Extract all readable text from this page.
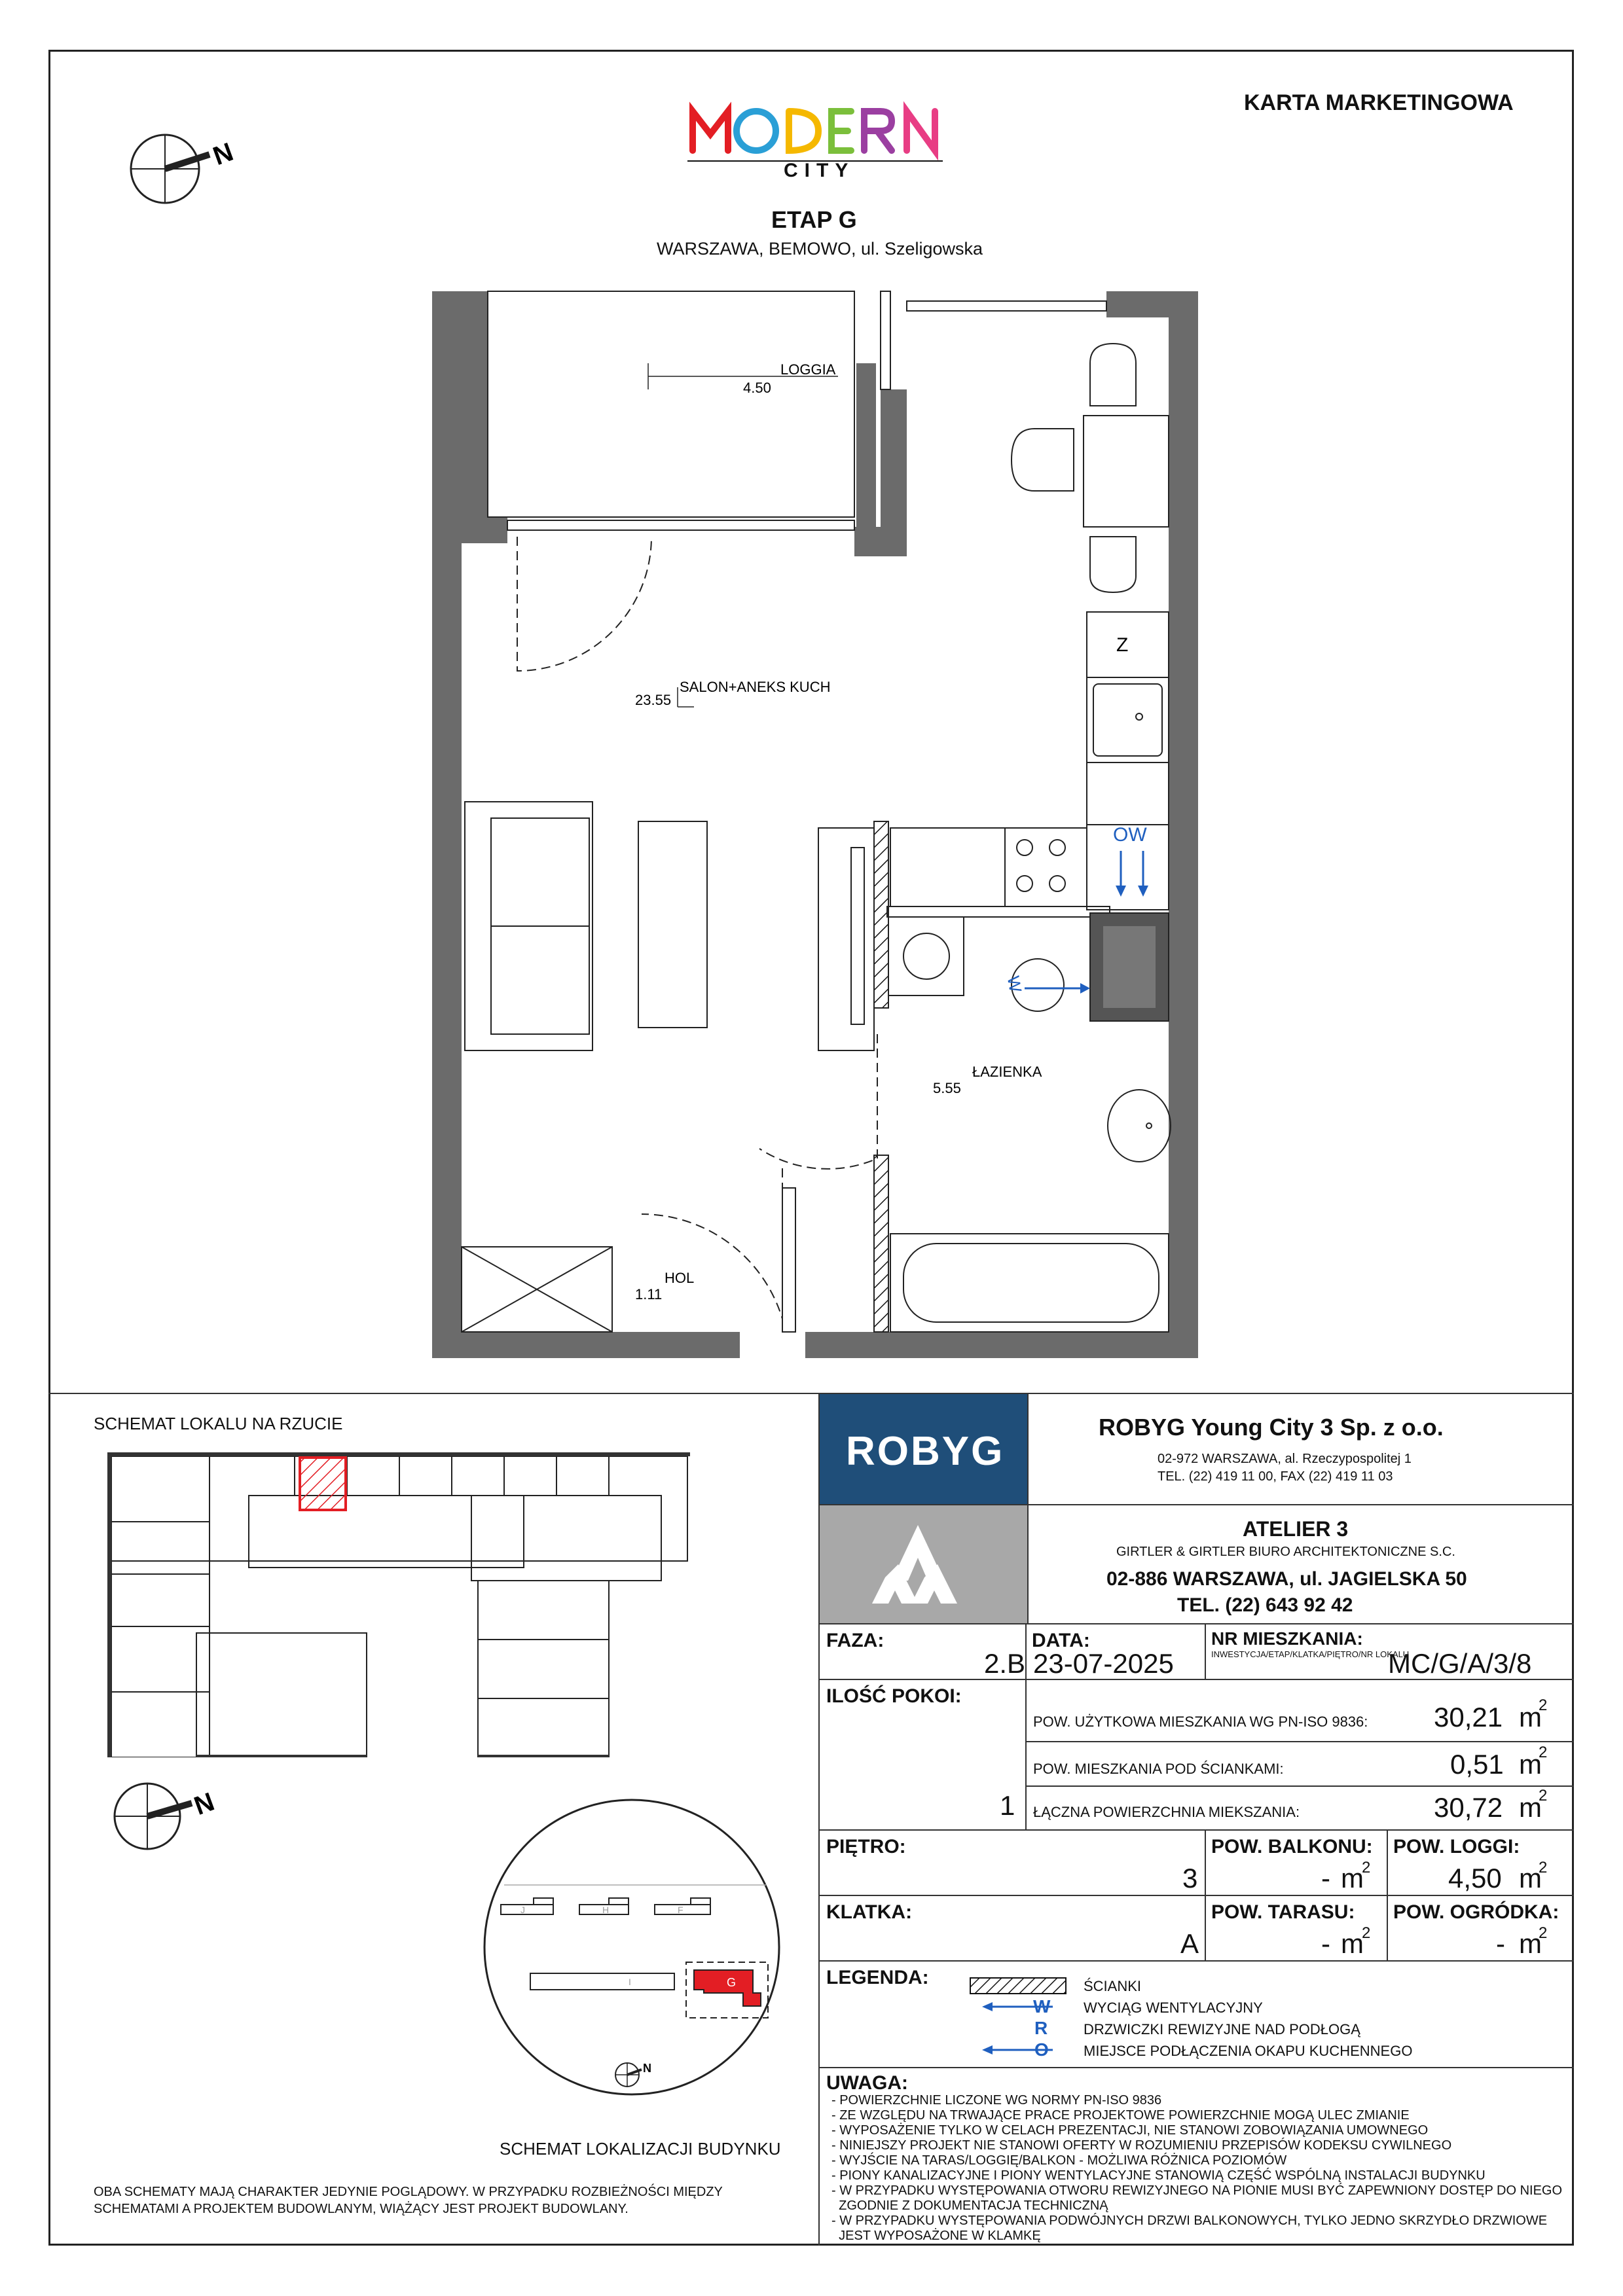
KARTA MARKETINGOWA
CITY
ETAP G
WARSZAWA, BEMOWO, ul. Szeligowska
N
Z
W
OW
LOGGIA
4.50
SALON+ANEKS KUCH
23.55
ŁAZIENKA
5.55
HOL
1.11
SCHEMAT LOKALU NA RZUCIE
N
J	H	F
I	G
N
SCHEMAT LOKALIZACJI BUDYNKU
OBA SCHEMATY MAJĄ CHARAKTER JEDYNIE POGLĄDOWY. W PRZYPADKU ROZBIEŻNOŚCI MIĘDZY
SCHEMATAMI A PROJEKTEM BUDOWLANYM, WIĄŻĄCY JEST PROJEKT BUDOWLANY.
ROBYG
ROBYG Young City 3 Sp. z o.o.
02-972 WARSZAWA, al. Rzeczypospolitej 1
TEL. (22) 419 11 00, FAX (22) 419 11 03
ATELIER 3
GIRTLER & GIRTLER BIURO ARCHITEKTONICZNE S.C.
02-886 WARSZAWA, ul. JAGIELSKA 50
TEL. (22) 643 92 42
FAZA:
2.B
DATA:
23-07-2025
NR MIESZKANIA:
INWESTYCJA/ETAP/KLATKA/PIĘTRO/NR LOKALU
MC/G/A/3/8
ILOŚĆ POKOI:
1
POW. UŻYTKOWA MIESZKANIA WG PN-ISO 9836: 30,21 m
2
POW. MIESZKANIA POD ŚCIANKAMI:	0,51 m
2
ŁĄCZNA POWIERZCHNIA MIEKSZANIA:	30,72 m
2
PIĘTRO:
3
POW. BALKONU:
- m
2
POW. LOGGI:
4,50 m
2
KLATKA:
A
POW. TARASU:
- m
2
POW. OGRÓDKA:
- m
2
LEGENDA:	ŚCIANKI
W WYCIĄG WENTYLACYJNY
R DRZWICZKI REWIZYJNE NAD PODŁOGĄ
O MIEJSCE PODŁĄCZENIA OKAPU KUCHENNEGO
UWAGA:
- POWIERZCHNIE LICZONE WG NORMY PN-ISO 9836
- ZE WZGLĘDU NA TRWAJĄCE PRACE PROJEKTOWE POWIERZCHNIE MOGĄ ULEC ZMIANIE
- WYPOSAŻENIE TYLKO W CELACH PREZENTACJI, NIE STANOWI ZOBOWIĄZANIA UMOWNEGO
- NINIEJSZY PROJEKT NIE STANOWI OFERTY W ROZUMIENIU PRZEPISÓW KODEKSU CYWILNEGO
- WYJŚCIE NA TARAS/LOGGIĘ/BALKON - MOŻLIWA RÓŻNICA POZIOMÓW
- PIONY KANALIZACYJNE I PIONY WENTYLACYJNE STANOWIĄ CZĘŚĆ WSPÓLNĄ INSTALACJI BUDYNKU
- W PRZYPADKU WYSTĘPOWANIA OTWORU REWIZYJNEGO NA PIONIE MUSI BYĆ ZAPEWNIONY DOSTĘP DO NIEGO
ZGODNIE Z DOKUMENTACJA TECHNICZNĄ
- W PRZYPADKU WYSTĘPOWANIA PODWÓJNYCH DRZWI BALKONOWYCH, TYLKO JEDNO SKRZYDŁO DRZWIOWE
JEST WYPOSAŻONE W KLAMKĘ
